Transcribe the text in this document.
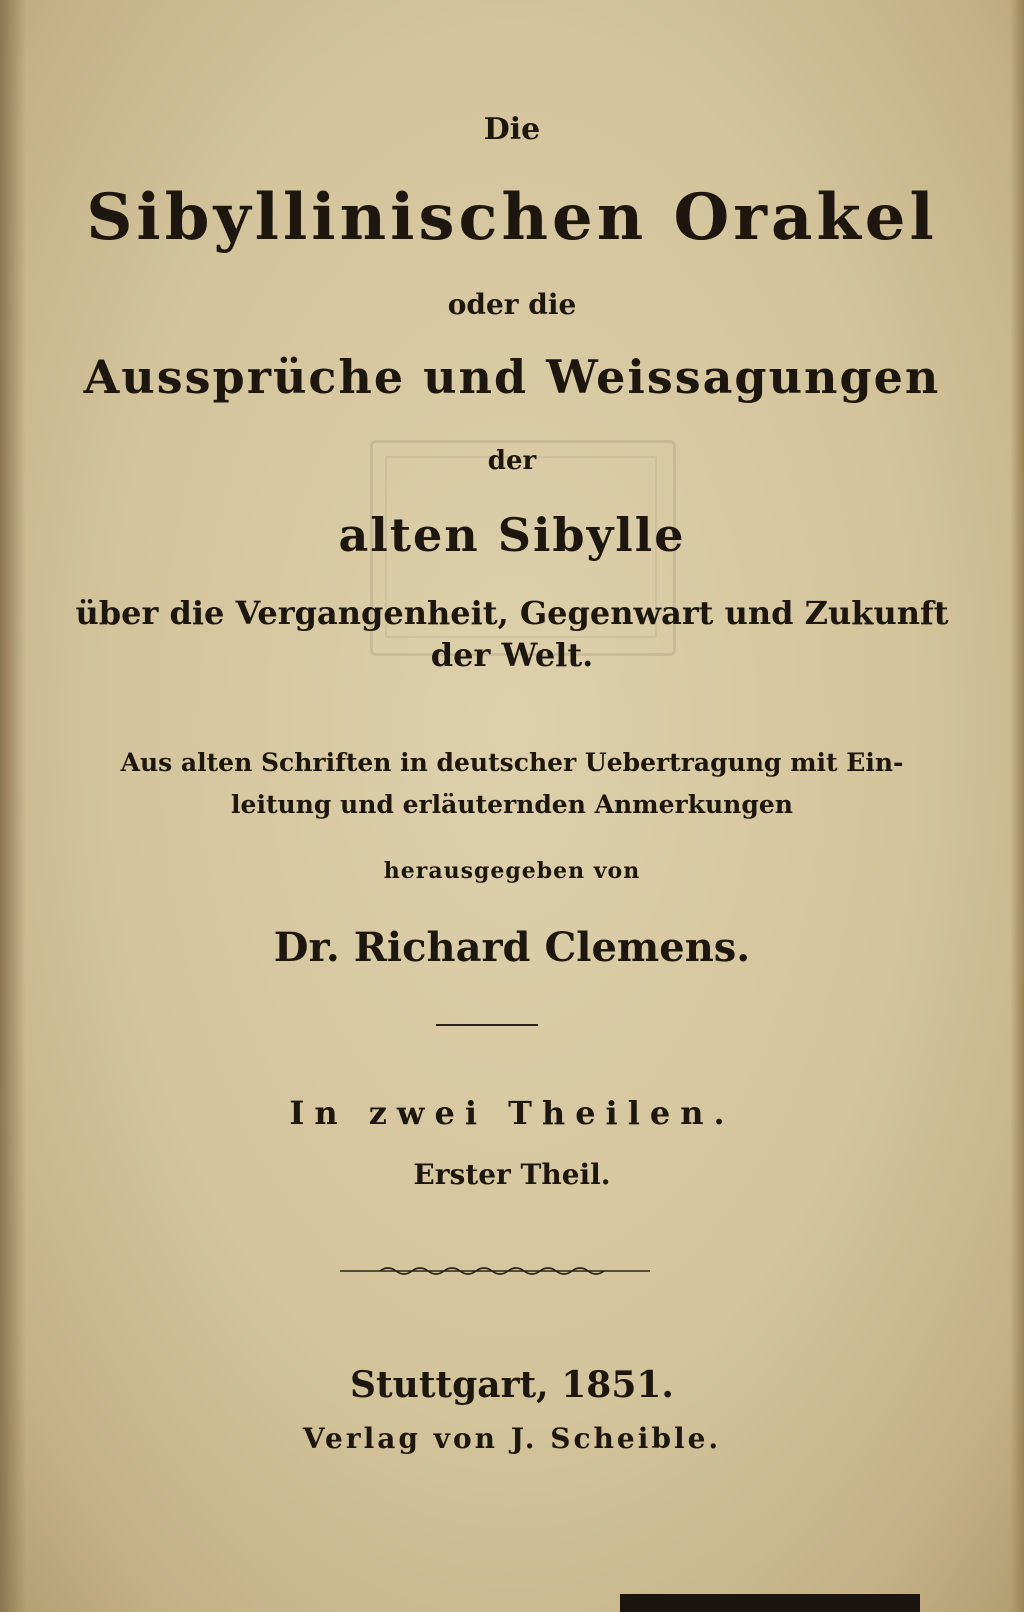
Die
Sibyllinischen Orakel
oder die
Aussprüche und Weissagungen
der
alten Sibylle
über die Vergangenheit, Gegenwart und Zukunft
der Welt.
Aus alten Schriften in deutscher Uebertragung mit Ein-
leitung und erläuternden Anmerkungen
herausgegeben von
Dr. Richard Clemens.
In zwei Theilen.
Erster Theil.
Stuttgart, 1851.
Verlag von J. Scheible.
